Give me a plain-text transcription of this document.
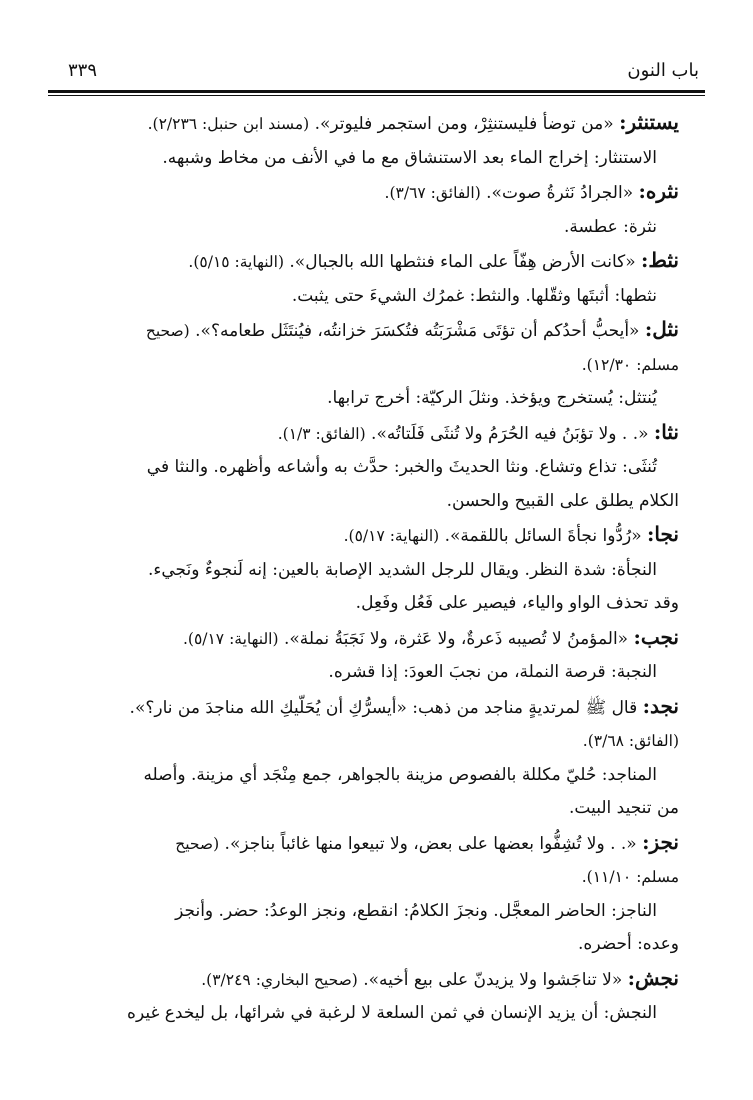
باب النون
٣٣٩

يستنثر: «من توضأ فليستنثِرْ، ومن استجمر فليوتر». (مسند ابن حنبل: ٢/٢٣٦).

الاستنثار: إخراج الماء بعد الاستنشاق مع ما في الأنف من مخاط وشبهه.

نثره: «الجرادُ نَثرةُ صوت». (الفائق: ٣/٦٧).

نثرة: عطسة.

نثط: «كانت الأرض هِفّاً على الماء فنثطها الله بالجبال». (النهاية: ٥/١٥).

نثطها: أثبتَها وثقّلها. والنثط: غمرُك الشيءَ حتى يثبت.

نثل: «أيحبُّ أحدُكم أن تؤتَى مَشْرَبَتُه فتُكسَرَ خزانتُه، فيُنتَثَل طعامه؟». (صحيح

مسلم: ١٢/٣٠).

يُنتثل: يُستخرج ويؤخذ. ونثلَ الركيّة: أخرج ترابها.

نثا: «. . ولا تؤبَنُ فيه الحُرَمُ ولا تُنثَى فَلَتاتُه». (الفائق: ١/٣).

تُنثَى: تذاع وتشاع. ونثا الحديثَ والخبر: حدَّث به وأشاعه وأظهره. والنثا في

الكلام يطلق على القبيح والحسن.

نجا: «رُدُّوا نجأةَ السائل باللقمة». (النهاية: ٥/١٧).

النجأة: شدة النظر. ويقال للرجل الشديد الإصابة بالعين: إنه لَنجوءٌ ونَجيء.

وقد تحذف الواو والياء، فيصير على فَعُل وفَعِل.

نجب: «المؤمنُ لا تُصيبه ذَعرةٌ، ولا عَثرة، ولا نَجَبَةُ نملة». (النهاية: ٥/١٧).

النجبة: قرصة النملة، من نجبَ العودَ: إذا قشره.

نجد: قال ﷺ لمرتديةٍ مناجد من ذهب: «أيسرُّكِ أن يُحَلّيكِ الله مناجدَ من نار؟».

(الفائق: ٣/٦٨).

المناجد: حُليّ مكللة بالفصوص مزينة بالجواهر، جمع مِنْجَد أي مزينة. وأصله

من تنجيد البيت.

نجز: «. . ولا تُشِفُّوا بعضها على بعض، ولا تبيعوا منها غائباً بناجز». (صحيح

مسلم: ١١/١٠).

الناجز: الحاضر المعجَّل. ونجزَ الكلامُ: انقطع، ونجز الوعدُ: حضر. وأنجز

وعده: أحضره.

نجش: «لا تناجَشوا ولا يزيدنّ على بيع أخيه». (صحيح البخاري: ٣/٢٤٩).

النجش: أن يزيد الإنسان في ثمن السلعة لا لرغبة في شرائها، بل ليخدع غيره
